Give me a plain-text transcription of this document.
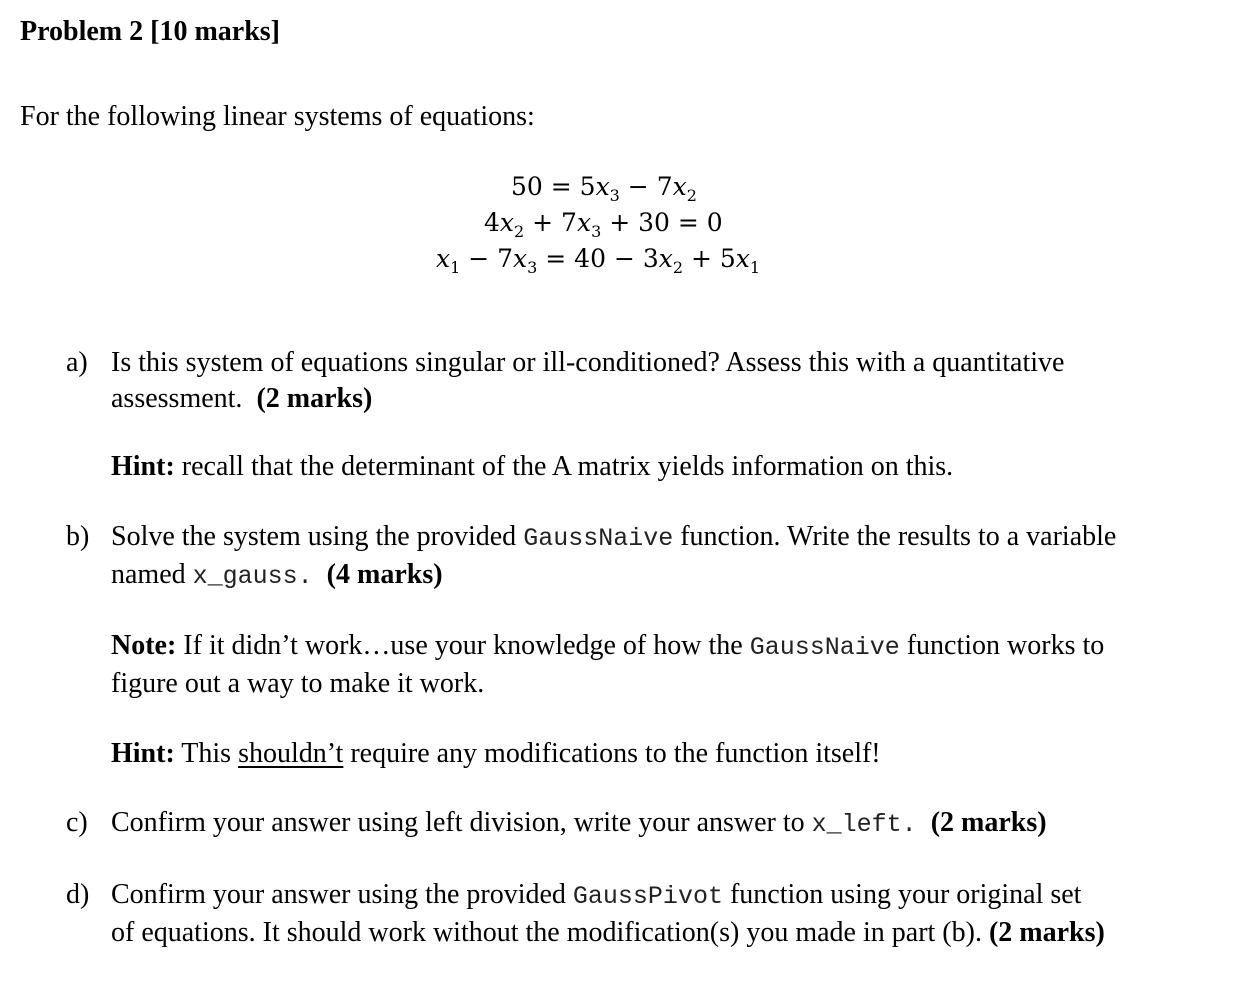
Problem 2 [10 marks]
For the following linear systems of equations:
$50 = 5x_3 - 7x_2$
$4x_2 + 7x_3 + 30 = 0$
$x_1 - 7x_3 = 40 - 3x_2 + 5x_1$
a) Is this system of equations singular or ill-conditioned? Assess this with a quantitative
assessment. (2 marks)
Hint: recall that the determinant of the A matrix yields information on this.
b) Solve the system using the provided GaussNaive function. Write the results to a variable
named x_gauss. (4 marks)
Note: If it didn’t work…use your knowledge of how the GaussNaive function works to
figure out a way to make it work.
Hint: This shouldn’t require any modifications to the function itself!
c) Confirm your answer using left division, write your answer to x_left. (2 marks)
d) Confirm your answer using the provided GaussPivot function using your original set
of equations. It should work without the modification(s) you made in part (b). (2 marks)
